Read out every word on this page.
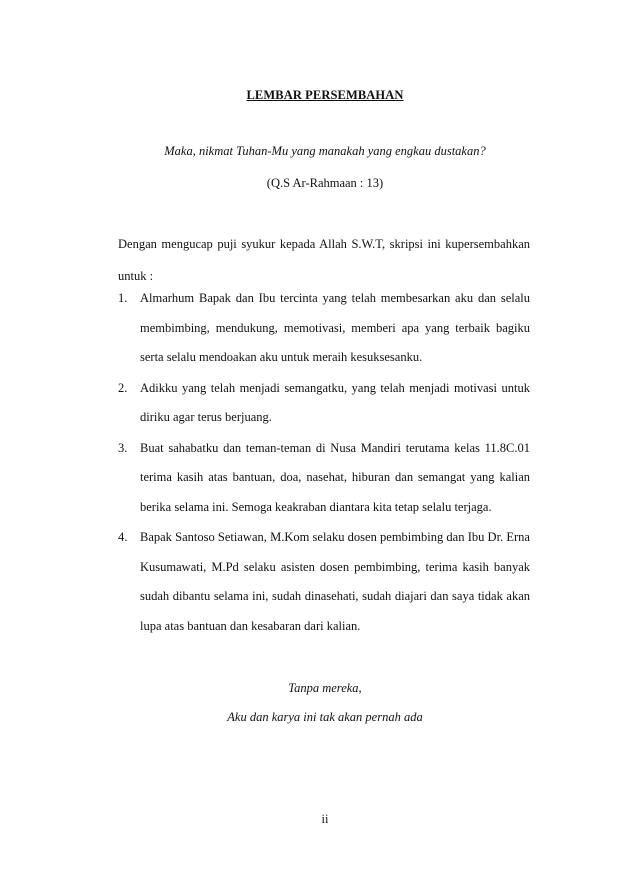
LEMBAR PERSEMBAHAN
Maka, nikmat Tuhan-Mu yang manakah yang engkau dustakan?
(Q.S Ar-Rahmaan : 13)
Dengan mengucap puji syukur kepada Allah S.W.T, skripsi ini kupersembahkan untuk :
1. Almarhum Bapak dan Ibu tercinta yang telah membesarkan aku dan selalu membimbing, mendukung, memotivasi, memberi apa yang terbaik bagiku serta selalu mendoakan aku untuk meraih kesuksesanku.
2. Adikku yang telah menjadi semangatku, yang telah menjadi motivasi untuk diriku agar terus berjuang.
3. Buat sahabatku dan teman-teman di Nusa Mandiri terutama kelas 11.8C.01 terima kasih atas bantuan, doa, nasehat, hiburan dan semangat yang kalian berika selama ini. Semoga keakraban diantara kita tetap selalu terjaga.
4. Bapak Santoso Setiawan, M.Kom selaku dosen pembimbing dan Ibu Dr. Erna Kusumawati, M.Pd selaku asisten dosen pembimbing, terima kasih banyak sudah dibantu selama ini, sudah dinasehati, sudah diajari dan saya tidak akan lupa atas bantuan dan kesabaran dari kalian.
Tanpa mereka,
Aku dan karya ini tak akan pernah ada
ii
